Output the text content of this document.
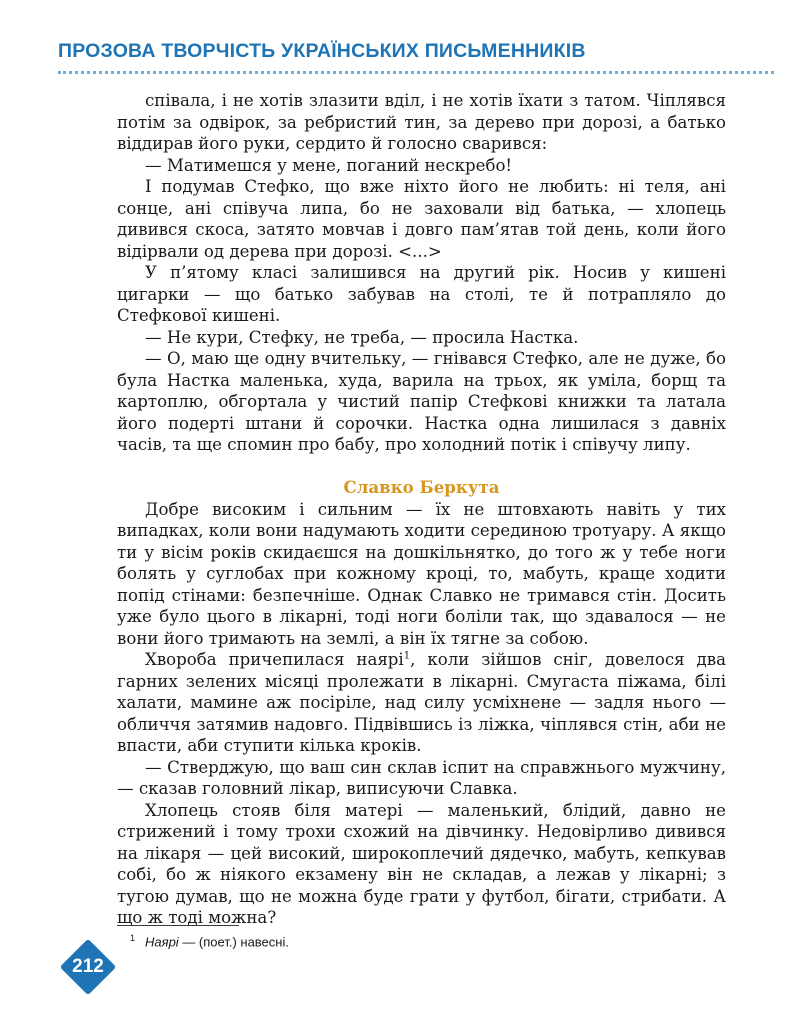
ПРОЗОВА ТВОРЧІСТЬ УКРАЇНСЬКИХ ПИСЬМЕННИКІВ

співала, і не хотів злазити вділ, і не хотів їхати з татом. Чіплявся потім за одвірок, за ребристий тин, за дерево при дорозі, а батько віддирав його руки, сердито й голосно сварився:

— Матимешся у мене, поганий нескребо!

І подумав Стефко, що вже ніхто його не любить: ні теля, ані сонце, ані співуча липа, бо не заховали від батька, — хлопець дивився скоса, затято мовчав і довго пам’ятав той день, коли його відірвали од дерева при дорозі. <...>

У п’ятому класі залишився на другий рік. Носив у кишені цигарки — що батько забував на столі, те й потрапляло до Стефкової кишені.

— Не кури, Стефку, не треба, — просила Настка.

— О, маю ще одну вчительку, — гнівався Стефко, але не дуже, бо була Настка маленька, худа, варила на трьох, як уміла, борщ та картоплю, обгортала у чистий папір Стефкові книжки та латала його подерті штани й сорочки. Настка одна лишилася з давніх часів, та ще спомин про бабу, про холодний потік і співучу липу.

Славко Беркута

Добре високим і сильним — їх не штовхають навіть у тих випадках, коли вони надумають ходити серединою тротуару. А якщо ти у вісім років скидаєшся на дошкільнятко, до того ж у тебе ноги болять у суглобах при кожному кроці, то, мабуть, краще ходити попід стінами: безпечніше. Однак Славко не тримався стін. Досить уже було цього в лікарні, тоді ноги боліли так, що здавалося — не вони його тримають на землі, а він їх тягне за собою.

Хвороба причепилася наярі$^1$, коли зійшов сніг, довелося два гарних зелених місяці пролежати в лікарні. Смугаста піжама, білі халати, мамине аж посіріле, над силу усміхнене — задля нього — обличчя затямив надовго. Підвівшись із ліжка, чіплявся стін, аби не впасти, аби ступити кілька кроків.

— Стверджую, що ваш син склав іспит на справжнього мужчину, — сказав головний лікар, виписуючи Славка.

Хлопець стояв біля матері — маленький, блідий, давно не стрижений і тому трохи схожий на дівчинку. Недовірливо дивився на лікаря — цей високий, широкоплечий дядечко, мабуть, кепкував собі, бо ж ніякого екзамену він не складав, а лежав у лікарні; з тугою думав, що не можна буде грати у футбол, бігати, стрибати. А що ж тоді можна?

$^1$ Наярі — (поет.) навесні.
212
